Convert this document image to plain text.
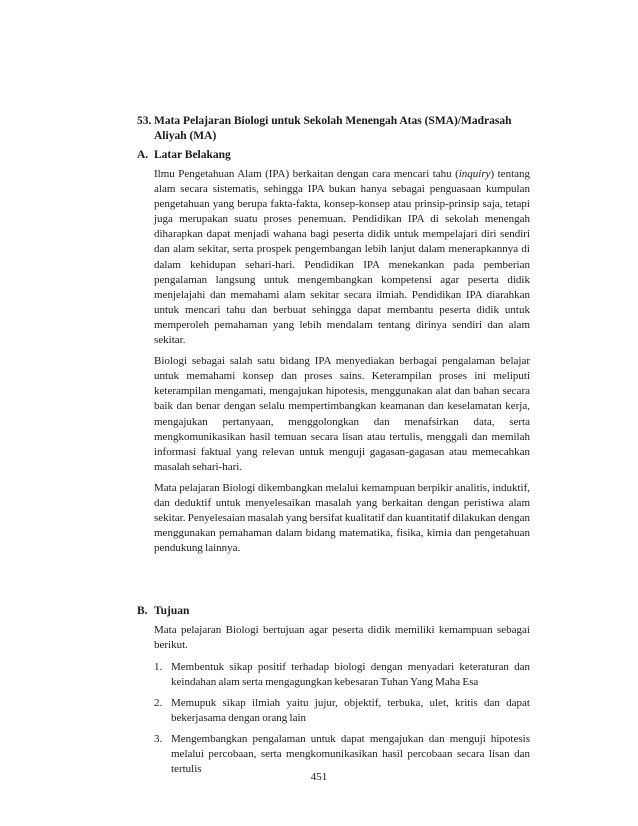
53. Mata Pelajaran Biologi untuk Sekolah Menengah Atas (SMA)/Madrasah Aliyah (MA)
A. Latar Belakang

Ilmu Pengetahuan Alam (IPA) berkaitan dengan cara mencari tahu (inquiry) tentang alam secara sistematis, sehingga IPA bukan hanya sebagai penguasaan kumpulan pengetahuan yang berupa fakta-fakta, konsep-konsep atau prinsip-prinsip saja, tetapi juga merupakan suatu proses penemuan. Pendidikan IPA di sekolah menengah diharapkan dapat menjadi wahana bagi peserta didik untuk mempelajari diri sendiri dan alam sekitar, serta prospek pengembangan lebih lanjut dalam menerapkannya di dalam kehidupan sehari-hari. Pendidikan IPA menekankan pada pemberian pengalaman langsung untuk mengembangkan kompetensi agar peserta didik menjelajahi dan memahami alam sekitar secara ilmiah. Pendidikan IPA diarahkan untuk mencari tahu dan berbuat sehingga dapat membantu peserta didik untuk memperoleh pemahaman yang lebih mendalam tentang dirinya sendiri dan alam sekitar.

Biologi sebagai salah satu bidang IPA menyediakan berbagai pengalaman belajar untuk memahami konsep dan proses sains. Keterampilan proses ini meliputi keterampilan mengamati, mengajukan hipotesis, menggunakan alat dan bahan secara baik dan benar dengan selalu mempertimbangkan keamanan dan keselamatan kerja, mengajukan pertanyaan, menggolongkan dan menafsirkan data, serta mengkomunikasikan hasil temuan secara lisan atau tertulis, menggali dan memilah informasi faktual yang relevan untuk menguji gagasan-gagasan atau memecahkan masalah sehari-hari.

Mata pelajaran Biologi dikembangkan melalui kemampuan berpikir analitis, induktif, dan deduktif untuk menyelesaikan masalah yang berkaitan dengan peristiwa alam sekitar. Penyelesaian masalah yang bersifat kualitatif dan kuantitatif dilakukan dengan menggunakan pemahaman dalam bidang matematika, fisika, kimia dan pengetahuan pendukung lainnya.

B. Tujuan

Mata pelajaran Biologi bertujuan agar peserta didik memiliki kemampuan sebagai berikut.

1. Membentuk sikap positif terhadap biologi dengan menyadari keteraturan dan keindahan alam serta mengagungkan kebesaran Tuhan Yang Maha Esa
2. Memupuk sikap ilmiah yaitu jujur, objektif, terbuka, ulet, kritis dan dapat bekerjasama dengan orang lain
3. Mengembangkan pengalaman untuk dapat mengajukan dan menguji hipotesis melalui percobaan, serta mengkomunikasikan hasil percobaan secara lisan dan tertulis
451
